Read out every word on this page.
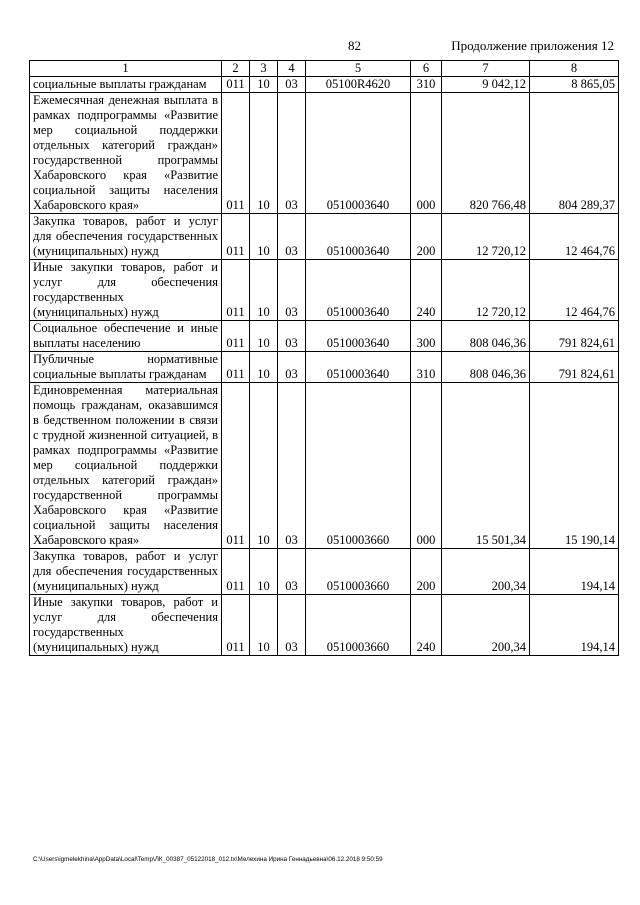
82	Продолжение приложения 12
1	2	3	4	5	6	7	8
социальные выплаты гражданам	011	10	03	05100R4620	310	9 042,12	8 865,05
Ежемесячная денежная выплата в рамках подпрограммы «Развитие мер социальной поддержки отдельных категорий граждан» государственной программы Хабаровского края «Развитие социальной защиты населения Хабаровского края»	011	10	03	0510003640	000	820 766,48	804 289,37
Закупка товаров, работ и услуг для обеспечения государственных (муниципальных) нужд	011	10	03	0510003640	200	12 720,12	12 464,76
Иные закупки товаров, работ и услуг для обеспечения государственных (муниципальных) нужд	011	10	03	0510003640	240	12 720,12	12 464,76
Социальное обеспечение и иные выплаты населению	011	10	03	0510003640	300	808 046,36	791 824,61
Публичные нормативные социальные выплаты гражданам	011	10	03	0510003640	310	808 046,36	791 824,61
Единовременная материальная помощь гражданам, оказавшимся в бедственном положении в связи с трудной жизненной ситуацией, в рамках подпрограммы «Развитие мер социальной поддержки отдельных категорий граждан» государственной программы Хабаровского края «Развитие социальной защиты населения Хабаровского края»	011	10	03	0510003660	000	15 501,34	15 190,14
Закупка товаров, работ и услуг для обеспечения государственных (муниципальных) нужд	011	10	03	0510003660	200	200,34	194,14
Иные закупки товаров, работ и услуг для обеспечения государственных (муниципальных) нужд	011	10	03	0510003660	240	200,34	194,14
C:\Users\igmelekhina\AppData\Local\Temp\ЛК_00387_05122018_012.tx\Мелехина Ирина Геннадьевна\06.12.2018 9:50:59
